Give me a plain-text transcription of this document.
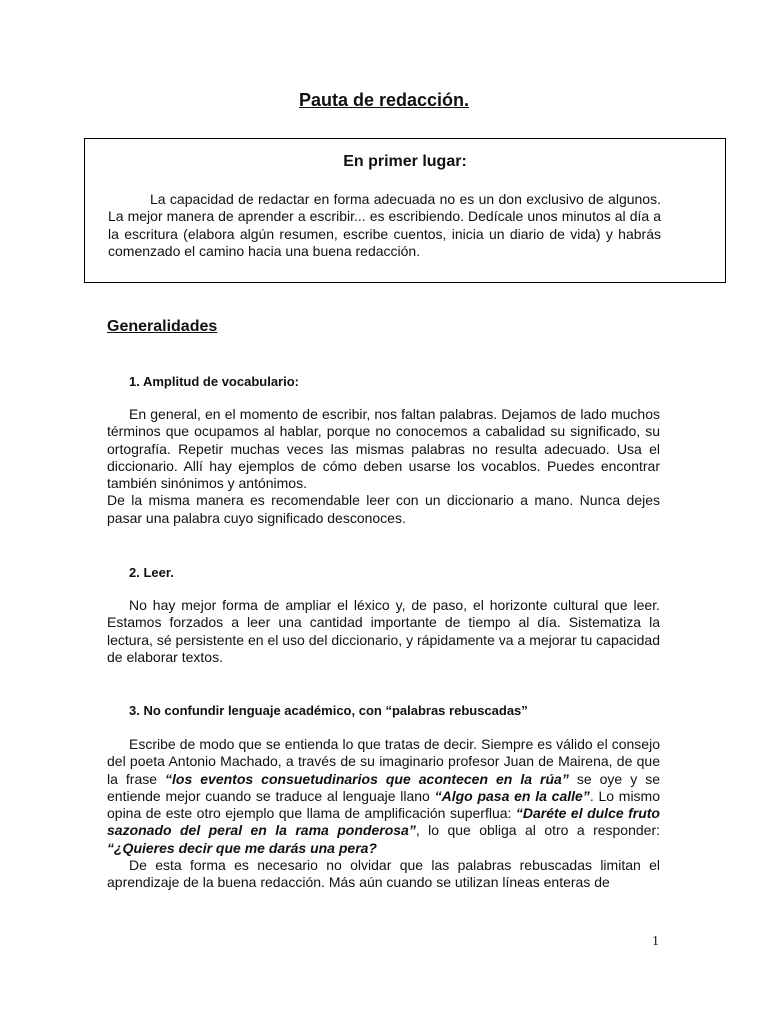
Pauta de redacción.
En primer lugar:
La capacidad de redactar en forma adecuada no es un don exclusivo de algunos. La mejor manera de aprender a escribir... es escribiendo. Dedícale unos minutos al día a la escritura (elabora algún resumen, escribe cuentos, inicia un diario de vida) y habrás comenzado el camino hacia una buena redacción.
Generalidades
1. Amplitud de vocabulario:

En general, en el momento de escribir, nos faltan palabras. Dejamos de lado muchos términos que ocupamos al hablar, porque no conocemos a cabalidad su significado, su ortografía. Repetir muchas veces las mismas palabras no resulta adecuado. Usa el diccionario. Allí hay ejemplos de cómo deben usarse los vocablos. Puedes encontrar también sinónimos y antónimos.

De la misma manera es recomendable leer con un diccionario a mano. Nunca dejes pasar una palabra cuyo significado desconoces.

2. Leer.

No hay mejor forma de ampliar el léxico y, de paso, el horizonte cultural que leer. Estamos forzados a leer una cantidad importante de tiempo al día. Sistematiza la lectura, sé persistente en el uso del diccionario, y rápidamente va a mejorar tu capacidad de elaborar textos.

3. No confundir lenguaje académico, con “palabras rebuscadas”

Escribe de modo que se entienda lo que tratas de decir. Siempre es válido el consejo del poeta Antonio Machado, a través de su imaginario profesor Juan de Mairena, de que la frase “los eventos consuetudinarios que acontecen en la rúa” se oye y se entiende mejor cuando se traduce al lenguaje llano “Algo pasa en la calle”. Lo mismo opina de este otro ejemplo que llama de amplificación superflua: “Daréte el dulce fruto sazonado del peral en la rama ponderosa”, lo que obliga al otro a responder: “¿Quieres decir que me darás una pera?

De esta forma es necesario no olvidar que las palabras rebuscadas limitan el aprendizaje de la buena redacción. Más aún cuando se utilizan líneas enteras de

1
